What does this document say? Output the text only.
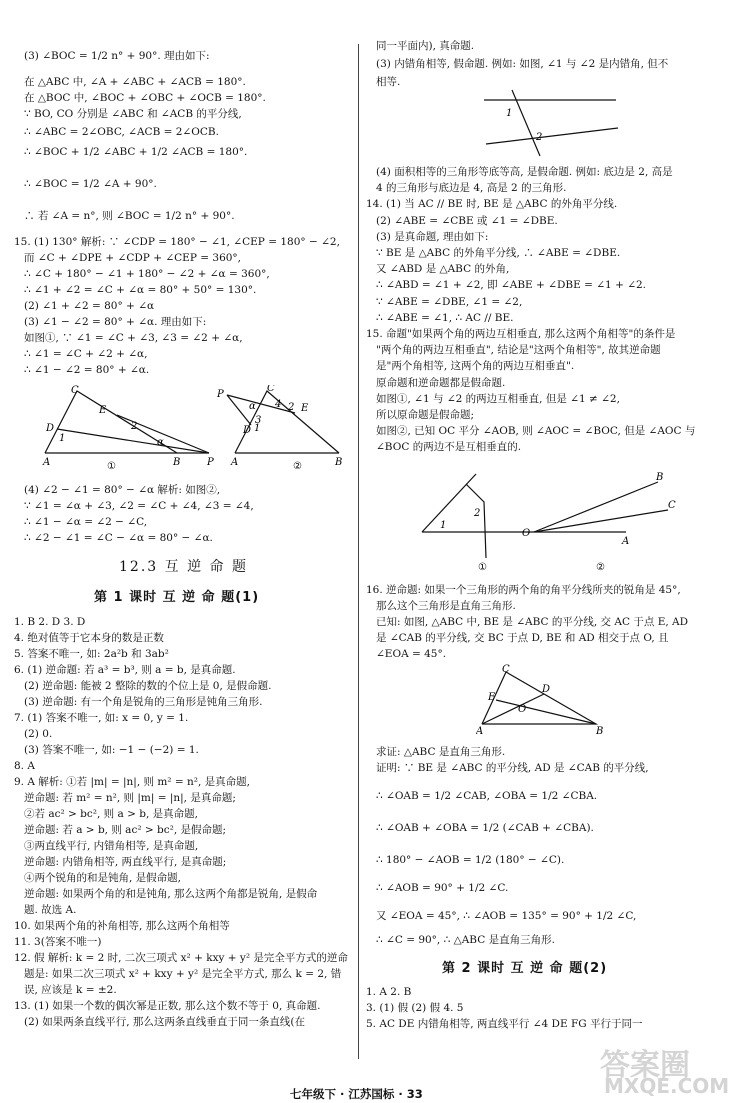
(3) ∠BOC = 1/2 n° + 90°. 理由如下:
在 △ABC 中, ∠A + ∠ABC + ∠ACB = 180°.
在 △BOC 中, ∠BOC + ∠OBC + ∠OCB = 180°.
∵ BO, CO 分别是 ∠ABC 和 ∠ACB 的平分线,
∴ ∠ABC = 2∠OBC, ∠ACB = 2∠OCB.
∴ ∠BOC + 1/2 ∠ABC + 1/2 ∠ACB = 180°.
∴ ∠BOC = 1/2 ∠A + 90°.
∴ 若 ∠A = n°, 则 ∠BOC = 1/2 n° + 90°.
15. (1) 130° 解析: ∵ ∠CDP = 180° − ∠1, ∠CEP = 180° − ∠2,
而 ∠C + ∠DPE + ∠CDP + ∠CEP = 360°,
∴ ∠C + 180° − ∠1 + 180° − ∠2 + ∠α = 360°,
∴ ∠1 + ∠2 = ∠C + ∠α = 80° + 50° = 130°.
(2) ∠1 + ∠2 = 80° + ∠α
(3) ∠1 − ∠2 = 80° + ∠α. 理由如下:
如图①, ∵ ∠1 = ∠C + ∠3, ∠3 = ∠2 + ∠α,
∴ ∠1 = ∠C + ∠2 + ∠α,
∴ ∠1 − ∠2 = 80° + ∠α.
C
E
D
1
2
α
A	B	P
①
P
C
E
D
α
3
4 2
1
A	B
②
(4) ∠2 − ∠1 = 80° − ∠α 解析: 如图②,
∵ ∠1 = ∠α + ∠3, ∠2 = ∠C + ∠4, ∠3 = ∠4,
∴ ∠1 − ∠α = ∠2 − ∠C,
∴ ∠2 − ∠1 = ∠C − ∠α = 80° − ∠α.
12.3 互 逆 命 题
第 1 课时 互 逆 命 题(1)
1. B 2. D 3. D
4. 绝对值等于它本身的数是正数
5. 答案不唯一, 如: 2a²b 和 3ab²
6. (1) 逆命题: 若 a³ = b³, 则 a = b, 是真命题.
(2) 逆命题: 能被 2 整除的数的个位上是 0, 是假命题.
(3) 逆命题: 有一个角是锐角的三角形是钝角三角形.
7. (1) 答案不唯一, 如: x = 0, y = 1.
(2) 0.
(3) 答案不唯一, 如: −1 − (−2) = 1.
8. A
9. A 解析: ①若 |m| = |n|, 则 m² = n², 是真命题,
逆命题: 若 m² = n², 则 |m| = |n|, 是真命题;
②若 ac² > bc², 则 a > b, 是真命题,
逆命题: 若 a > b, 则 ac² > bc², 是假命题;
③两直线平行, 内错角相等, 是真命题,
逆命题: 内错角相等, 两直线平行, 是真命题;
④两个锐角的和是钝角, 是假命题,
逆命题: 如果两个角的和是钝角, 那么这两个角都是锐角, 是假命
题. 故选 A.
10. 如果两个角的补角相等, 那么这两个角相等
11. 3(答案不唯一)
12. 假 解析: k = 2 时, 二次三项式 x² + kxy + y² 是完全平方式的逆命
题是: 如果二次三项式 x² + kxy + y² 是完全平方式, 那么 k = 2, 错
误, 应该是 k = ±2.
13. (1) 如果一个数的偶次幂是正数, 那么这个数不等于 0, 真命题.
(2) 如果两条直线平行, 那么这两条直线垂直于同一条直线(在
同一平面内), 真命题.
(3) 内错角相等, 假命题. 例如: 如图, ∠1 与 ∠2 是内错角, 但不
相等.
1
2
(4) 面积相等的三角形等底等高, 是假命题. 例如: 底边是 2, 高是
4 的三角形与底边是 4, 高是 2 的三角形.
14. (1) 当 AC // BE 时, BE 是 △ABC 的外角平分线.
(2) ∠ABE = ∠CBE 或 ∠1 = ∠DBE.
(3) 是真命题, 理由如下:
∵ BE 是 △ABC 的外角平分线, ∴ ∠ABE = ∠DBE.
又 ∠ABD 是 △ABC 的外角,
∴ ∠ABD = ∠1 + ∠2, 即 ∠ABE + ∠DBE = ∠1 + ∠2.
∵ ∠ABE = ∠DBE, ∠1 = ∠2,
∴ ∠ABE = ∠1, ∴ AC // BE.
15. 命题"如果两个角的两边互相垂直, 那么这两个角相等"的条件是
"两个角的两边互相垂直", 结论是"这两个角相等", 故其逆命题
是"两个角相等, 这两个角的两边互相垂直".
原命题和逆命题都是假命题.
如图①, ∠1 与 ∠2 的两边互相垂直, 但是 ∠1 ≠ ∠2,
所以原命题是假命题;
如图②, 已知 OC 平分 ∠AOB, 则 ∠AOC = ∠BOC, 但是 ∠AOC 与
∠BOC 的两边不是互相垂直的.
1
2
①
O
B
C
A
②
16. 逆命题: 如果一个三角形的两个角的角平分线所夹的锐角是 45°,
那么这个三角形是直角三角形.
已知: 如图, △ABC 中, BE 是 ∠ABC 的平分线, 交 AC 于点 E, AD
是 ∠CAB 的平分线, 交 BC 于点 D, BE 和 AD 相交于点 O, 且
∠EOA = 45°.
C
D
E
O
A	B
求证: △ABC 是直角三角形.
证明: ∵ BE 是 ∠ABC 的平分线, AD 是 ∠CAB 的平分线,
∴ ∠OAB = 1/2 ∠CAB, ∠OBA = 1/2 ∠CBA.
∴ ∠OAB + ∠OBA = 1/2 (∠CAB + ∠CBA).
∴ 180° − ∠AOB = 1/2 (180° − ∠C).
∴ ∠AOB = 90° + 1/2 ∠C.
又 ∠EOA = 45°, ∴ ∠AOB = 135° = 90° + 1/2 ∠C,
∴ ∠C = 90°, ∴ △ABC 是直角三角形.
第 2 课时 互 逆 命 题(2)
1. A 2. B
3. (1) 假 (2) 假 4. 5
5. AC DE 内错角相等, 两直线平行 ∠4 DE FG 平行于同一
七年级下 · 江苏国标 · 33
答案圈
MXQE.COM
